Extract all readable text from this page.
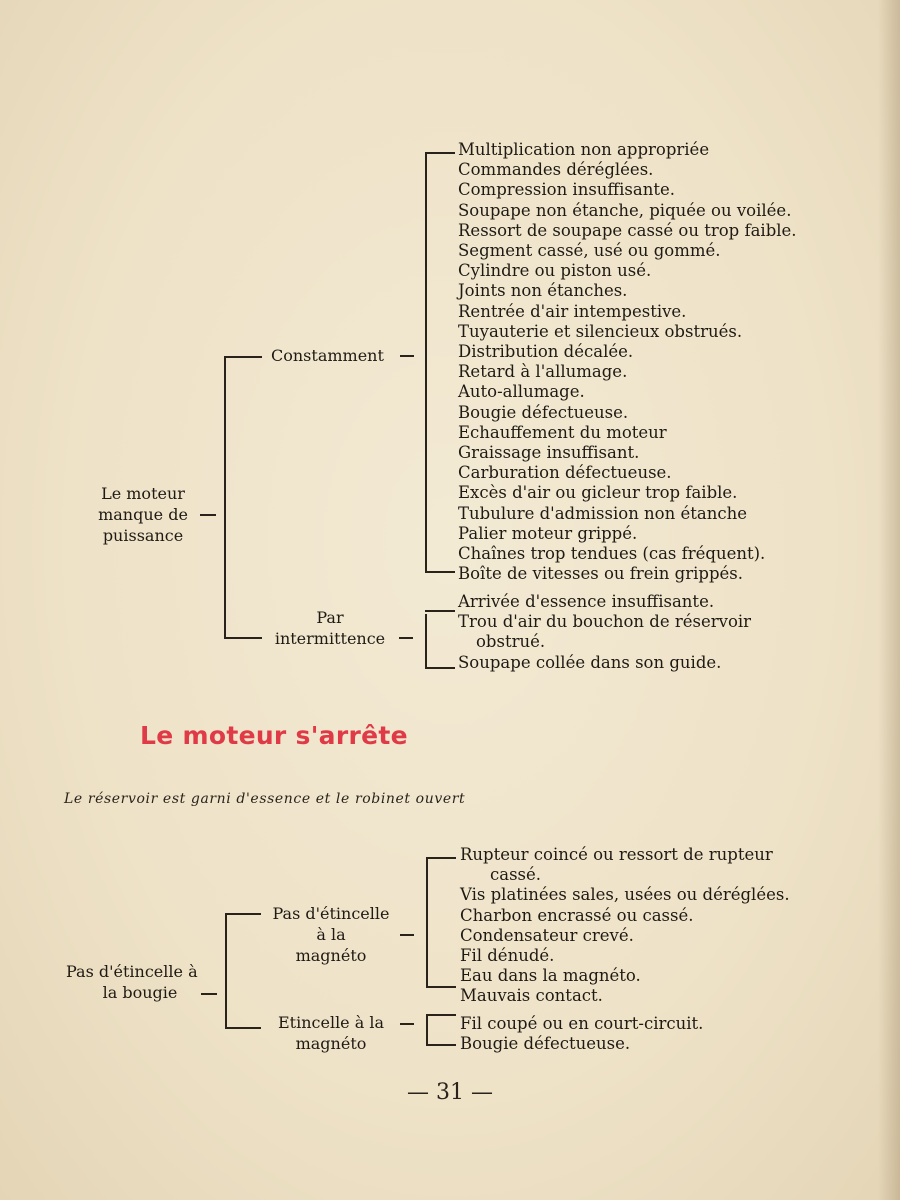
Le moteur
manque de
puissance
Constamment
Multiplication non appropriée
Commandes déréglées.
Compression insuffisante.
Soupape non étanche, piquée ou voilée.
Ressort de soupape cassé ou trop faible.
Segment cassé, usé ou gommé.
Cylindre ou piston usé.
Joints non étanches.
Rentrée d'air intempestive.
Tuyauterie et silencieux obstrués.
Distribution décalée.
Retard à l'allumage.
Auto-allumage.
Bougie défectueuse.
Echauffement du moteur
Graissage insuffisant.
Carburation défectueuse.
Excès d'air ou gicleur trop faible.
Tubulure d'admission non étanche
Palier moteur grippé.
Chaînes trop tendues (cas fréquent).
Boîte de vitesses ou frein grippés.
Par
intermittence
Arrivée d'essence insuffisante.
Trou d'air du bouchon de réservoir
obstrué.
Soupape collée dans son guide.
Le moteur s'arrête
Le réservoir est garni d'essence et le robinet ouvert
Pas d'étincelle à
la bougie
Pas d'étincelle
à la
magnéto
Rupteur coincé ou ressort de rupteur
cassé.
Vis platinées sales, usées ou déréglées.
Charbon encrassé ou cassé.
Condensateur crevé.
Fil dénudé.
Eau dans la magnéto.
Mauvais contact.
Etincelle à la
magnéto
Fil coupé ou en court-circuit.
Bougie défectueuse.
— 31 —
